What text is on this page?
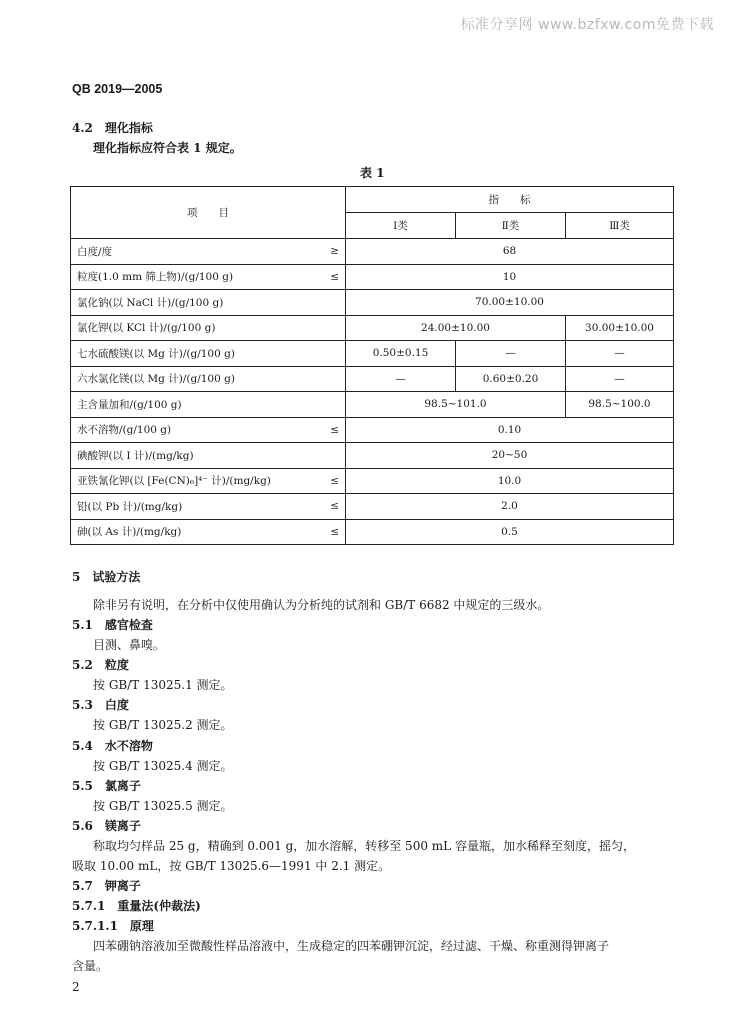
标准分享网 www.bzfxw.com免费下载
QB 2019—2005
4.2　理化指标
理化指标应符合表 1 规定。
表 1
项　　目	指　　标		
	Ⅰ类	Ⅱ类	Ⅲ类

白度/度 ≥	68		

粒度(1.0 mm 筛上物)/(g/100 g) ≤	10		

氯化钠(以 NaCl 计)/(g/100 g)	70.00±10.00		

氯化钾(以 KCl 计)/(g/100 g)	24.00±10.00		30.00±10.00

七水硫酸镁(以 Mg 计)/(g/100 g)	0.50±0.15	—	—

六水氯化镁(以 Mg 计)/(g/100 g)	—	0.60±0.20	—

主含量加和/(g/100 g)	98.5~101.0		98.5~100.0

水不溶物/(g/100 g) ≤	0.10		

碘酸钾(以 I 计)/(mg/kg)	20~50		

亚铁氰化钾(以 [Fe(CN)₆]⁴⁻ 计)/(mg/kg) ≤	10.0		

铅(以 Pb 计)/(mg/kg) ≤	2.0		

砷(以 As 计)/(mg/kg) ≤	0.5		
5　试验方法
除非另有说明，在分析中仅使用确认为分析纯的试剂和 GB/T 6682 中规定的三级水。
5.1　感官检查
目测、鼻嗅。
5.2　粒度
按 GB/T 13025.1 测定。
5.3　白度
按 GB/T 13025.2 测定。
5.4　水不溶物
按 GB/T 13025.4 测定。
5.5　氯离子
按 GB/T 13025.5 测定。
5.6　镁离子
称取均匀样品 25 g，精确到 0.001 g，加水溶解，转移至 500 mL 容量瓶，加水稀释至刻度，摇匀，
吸取 10.00 mL，按 GB/T 13025.6—1991 中 2.1 测定。
5.7　钾离子
5.7.1　重量法(仲裁法)
5.7.1.1　原理
四苯硼钠溶液加至微酸性样品溶液中，生成稳定的四苯硼钾沉淀，经过滤、干燥、称重测得钾离子
含量。
2
